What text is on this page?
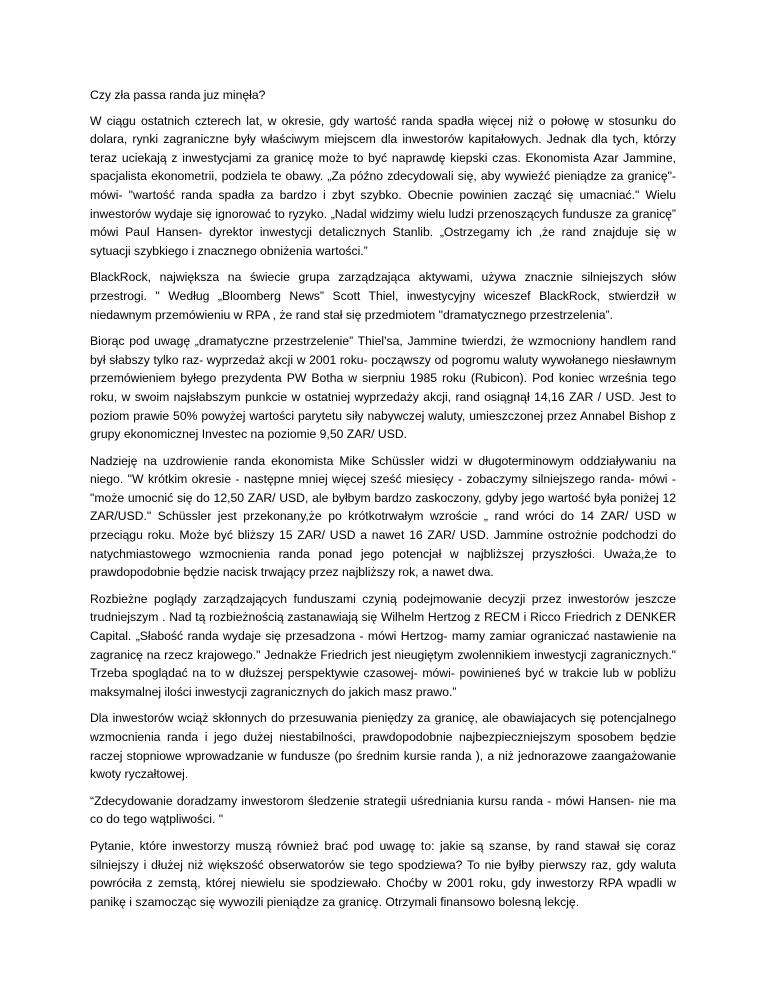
Czy zła passa randa juz minęła?

W ciągu ostatnich czterech lat, w okresie, gdy wartość randa spadła więcej niż o połowę w stosunku do dolara, rynki zagraniczne były właściwym miejscem dla inwestorów kapitałowych. Jednak dla tych, którzy teraz uciekają z inwestycjami za granicę może to być naprawdę kiepski czas. Ekonomista Azar Jammine, spacjalista ekonometrii, podziela te obawy. „Za późno zdecydowali się, aby wywieźć pieniądze za granicę"- mówi- "wartość randa spadła za bardzo i zbyt szybko. Obecnie powinien zacząć się umacniać." Wielu inwestorów wydaje się ignorować to ryzyko. „Nadal widzimy wielu ludzi przenoszących fundusze za granicę” mówi Paul Hansen- dyrektor inwestycji detalicznych Stanlib. „Ostrzegamy ich ,że rand znajduje się w sytuacji szybkiego i znacznego obniżenia wartości.”

BlackRock, największa na świecie grupa zarządzająca aktywami, używa znacznie silniejszych słów przestrogi. " Według „Bloomberg News” Scott Thiel, inwestycyjny wiceszef BlackRock, stwierdził w niedawnym przemówieniu w RPA , że rand stał się przedmiotem "dramatycznego przestrzelenia”.

Biorąc pod uwagę „dramatyczne przestrzelenie” Thiel’sa, Jammine twierdzi, że wzmocniony handlem rand był słabszy tylko raz- wyprzedaż akcji w 2001 roku- począwszy od pogromu waluty wywołanego niesławnym przemówieniem byłego prezydenta PW Botha w sierpniu 1985 roku (Rubicon). Pod koniec września tego roku, w swoim najsłabszym punkcie w ostatniej wyprzedaży akcji, rand osiągnął 14,16 ZAR / USD. Jest to poziom prawie 50% powyżej wartości parytetu siły nabywczej waluty, umieszczonej przez Annabel Bishop z grupy ekonomicznej Investec na poziomie 9,50 ZAR/ USD.

Nadzieję na uzdrowienie randa ekonomista Mike Schüssler widzi w długoterminowym oddziaływaniu na niego. "W krótkim okresie - następne mniej więcej sześć miesięcy - zobaczymy silniejszego randa- mówi - "może umocnić się do 12,50 ZAR/ USD, ale byłbym bardzo zaskoczony, gdyby jego wartość była poniżej 12 ZAR/USD." Schüssler jest przekonany,że po krótkotrwałym wzroście „ rand wróci do 14 ZAR/ USD w przeciągu roku. Może być bliższy 15 ZAR/ USD a nawet 16 ZAR/ USD. Jammine ostrożnie podchodzi do natychmiastowego wzmocnienia randa ponad jego potencjał w najbliższej przyszłości. Uważa,że to prawdopodobnie będzie nacisk trwający przez najbliższy rok, a nawet dwa.

Rozbieżne poglądy zarządzających funduszami czynią podejmowanie decyzji przez inwestorów jeszcze trudniejszym . Nad tą rozbieżnością zastanawiają się Wilhelm Hertzog z RECM i Ricco Friedrich z DENKER Capital. „Słabość randa wydaje się przesadzona - mówi Hertzog- mamy zamiar ograniczać nastawienie na zagranicę na rzecz krajowego." Jednakże Friedrich jest nieugiętym zwolennikiem inwestycji zagranicznych." Trzeba spoglądać na to w dłuższej perspektywie czasowej- mówi- powinieneś być w trakcie lub w pobliżu maksymalnej ilości inwestycji zagranicznych do jakich masz prawo.”

Dla inwestorów wciąż skłonnych do przesuwania pieniędzy za granicę, ale obawiajacych się potencjalnego wzmocnienia randa i jego dużej niestabilności, prawdopodobnie najbezpieczniejszym sposobem będzie raczej stopniowe wprowadzanie w fundusze (po średnim kursie randa ), a niż jednorazowe zaangażowanie kwoty ryczałtowej.

“Zdecydowanie doradzamy inwestorom śledzenie strategii uśredniania kursu randa - mówi Hansen- nie ma co do tego wątpliwości. "

Pytanie, które inwestorzy muszą również brać pod uwagę to: jakie są szanse, by rand stawał się coraz silniejszy i dłużej niż większość obserwatorów sie tego spodziewa? To nie byłby pierwszy raz, gdy waluta powróciła z zemstą, której niewielu sie spodziewało. Choćby w 2001 roku, gdy inwestorzy RPA wpadli w panikę i szamocząc się wywozili pieniądze za granicę. Otrzymali finansowo bolesną lekcję.
